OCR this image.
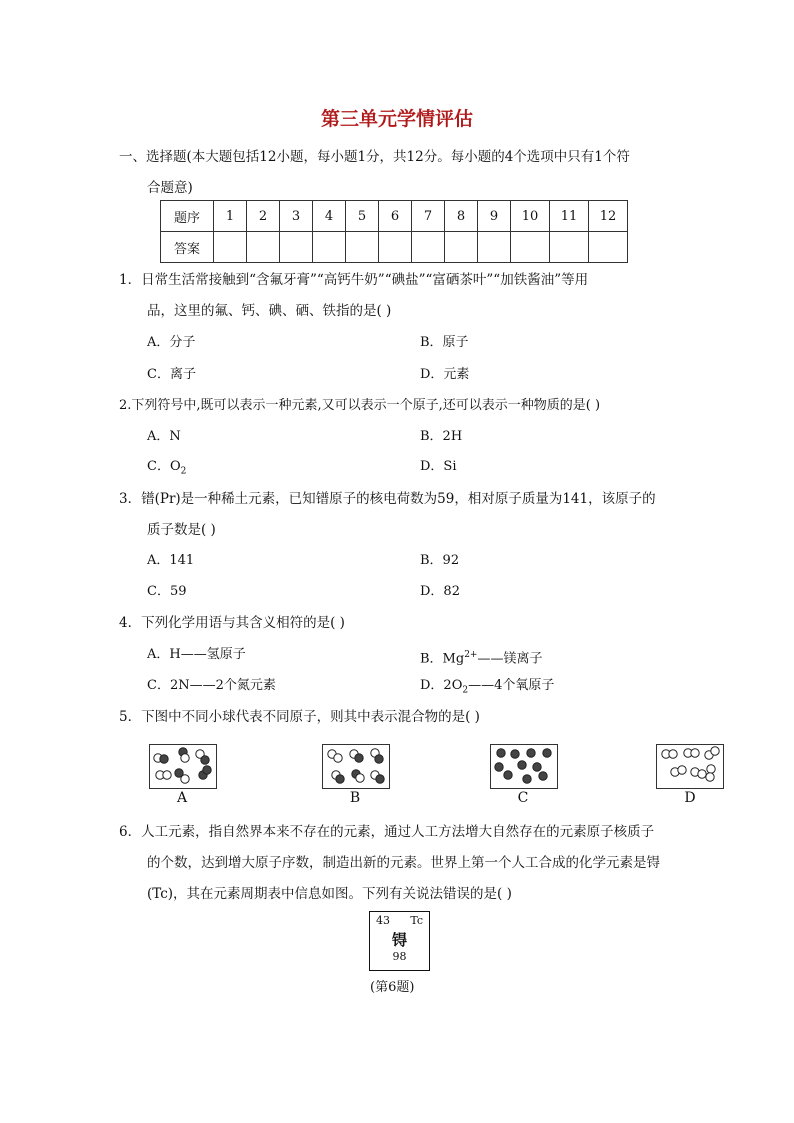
第三单元学情评估
一、选择题(本大题包括12小题，每小题1分，共12分。每小题的4个选项中只有1个符
合题意)
题序	1	2	3	4	5	6	7	8	9	10	11	12
答案												
1．日常生活常接触到“含氟牙膏”“高钙牛奶”“碘盐”“富硒茶叶”“加铁酱油”等用
品，这里的氟、钙、碘、硒、铁指的是( )
A．分子	B．原子
C．离子	D．元素
2.下列符号中,既可以表示一种元素,又可以表示一个原子,还可以表示一种物质的是( )
A．N	B．2H
C．$O_2$	D．Si
3．镨(Pr)是一种稀土元素，已知镨原子的核电荷数为59，相对原子质量为141，该原子的
质子数是( )
A．141	B．92
C．59	D．82
4．下列化学用语与其含义相符的是( )
A．H——氢原子	B．$Mg^{2+}——$镁离子
C．2N——2个氮元素	D．$2O_2——4$个氧原子
5．下图中不同小球代表不同原子，则其中表示混合物的是( )
A	B	C	D
6．人工元素，指自然界本来不存在的元素，通过人工方法增大自然存在的元素原子核质子
的个数，达到增大原子序数，制造出新的元素。世界上第一个人工合成的化学元素是锝
(Tc)，其在元素周期表中信息如图。下列有关说法错误的是( )
43 Tc
锝
98
(第6题)
